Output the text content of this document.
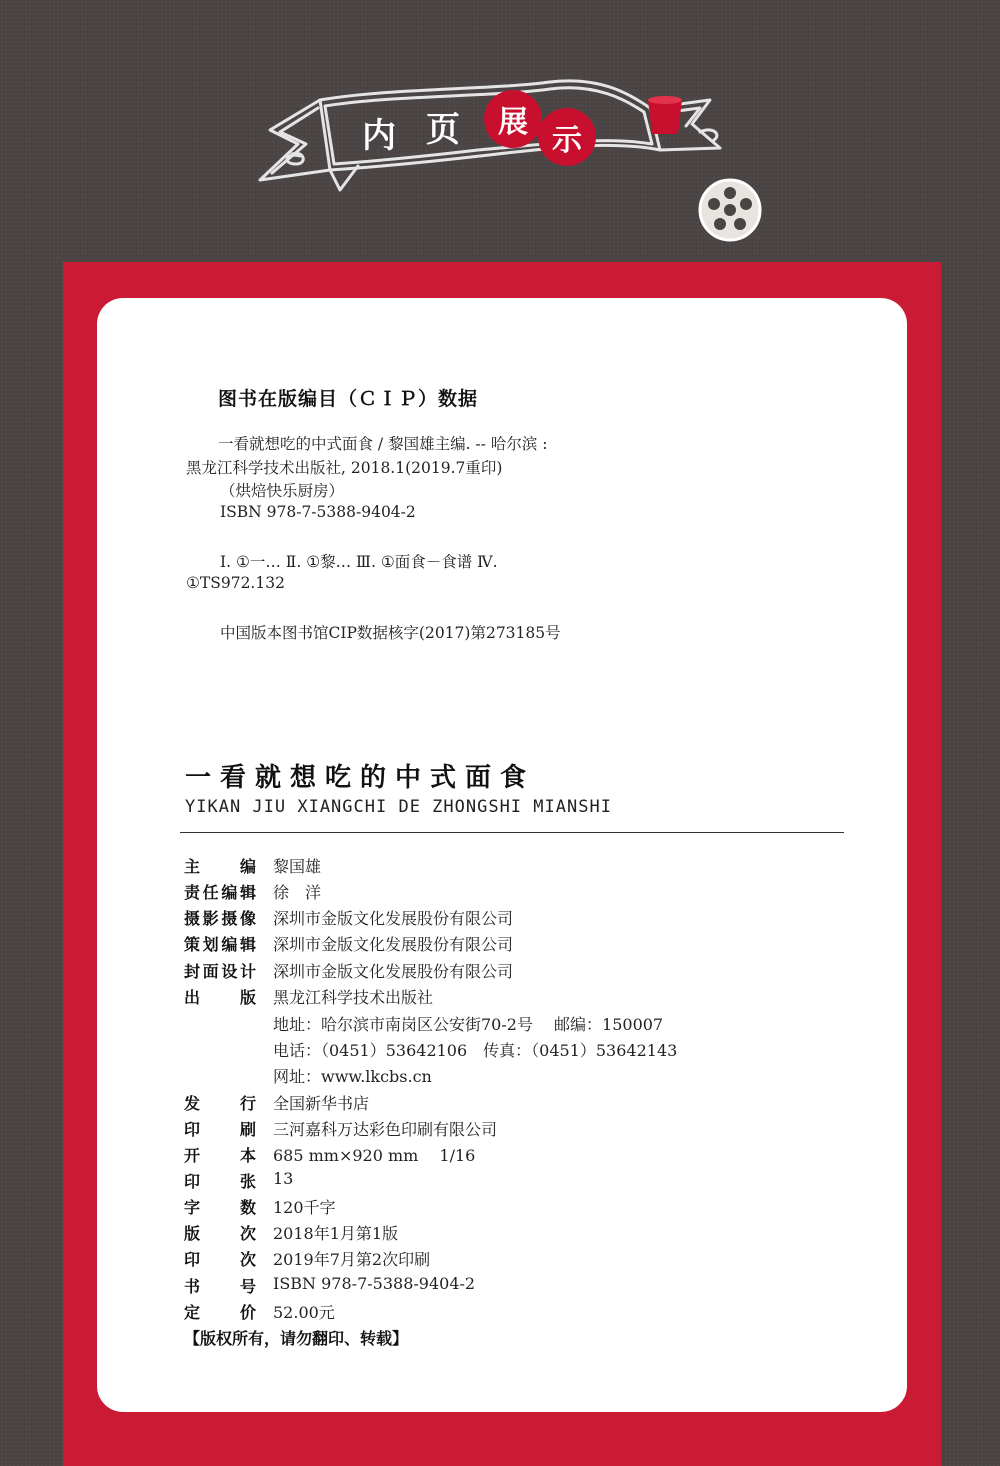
内 页	展
示
图书在版编目（ＣＩＰ）数据
一看就想吃的中式面食 / 黎国雄主编. -- 哈尔滨 :
黑龙江科学技术出版社, 2018.1(2019.7重印)
（烘焙快乐厨房）
ISBN 978-7-5388-9404-2
Ⅰ. ①一… Ⅱ. ①黎… Ⅲ. ①面食－食谱 Ⅳ.
①TS972.132
中国版本图书馆CIP数据核字(2017)第273185号
一看就想吃的中式面食
YIKAN JIU XIANGCHI DE ZHONGSHI MIANSHI
主 编 黎国雄
责 任 编 辑 徐　洋
摄 影 摄 像 深圳市金版文化发展股份有限公司
策 划 编 辑 深圳市金版文化发展股份有限公司
封 面 设 计 深圳市金版文化发展股份有限公司
出 版 黑龙江科学技术出版社
发 行 全国新华书店
印 刷 三河嘉科万达彩色印刷有限公司
开 本 685 mm×920 mm　 1/16
印 张 13
字 数 120千字
版 次 2018年1月第1版
印 次 2019年7月第2次印刷
书 号 ISBN 978-7-5388-9404-2
定 价 52.00元
地址：哈尔滨市南岗区公安街70-2号　 邮编：150007
电话：（0451）53642106　传真：（0451）53642143
网址：www.lkcbs.cn
【版权所有，请勿翻印、转载】
